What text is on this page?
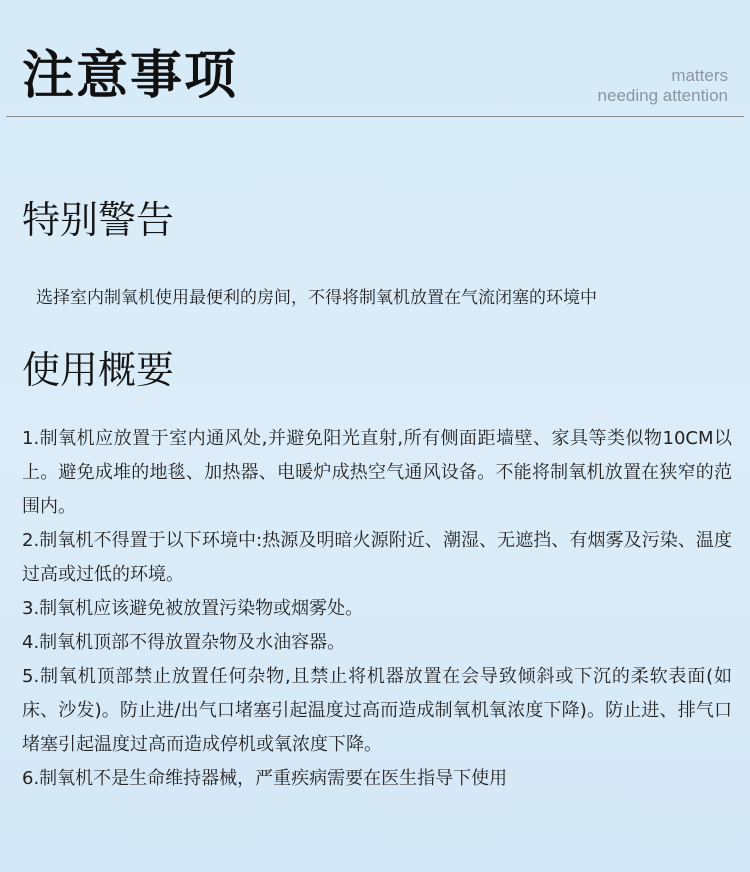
注意事项	matters
needing attention
特别警告
选择室内制氧机使用最便利的房间，不得将制氧机放置在气流闭塞的环境中
使用概要
1.制氧机应放置于室内通风处,并避免阳光直射,所有侧面距墙壁、家具等类似物10CM以上。避免成堆的地毯、加热器、电暖炉成热空气通风设备。不能将制氧机放置在狭窄的范围内。
2.制氧机不得置于以下环境中:热源及明暗火源附近、潮湿、无遮挡、有烟雾及污染、温度过高或过低的环境。
3.制氧机应该避免被放置污染物或烟雾处。
4.制氧机顶部不得放置杂物及水油容器。
5.制氧机顶部禁止放置任何杂物,且禁止将机器放置在会导致倾斜或下沉的柔软表面(如床、沙发)。防止进/出气口堵塞引起温度过高而造成制氧机氧浓度下降)。防止进、排气口堵塞引起温度过高而造成停机或氧浓度下降。
6.制氧机不是生命维持器械，严重疾病需要在医生指导下使用
